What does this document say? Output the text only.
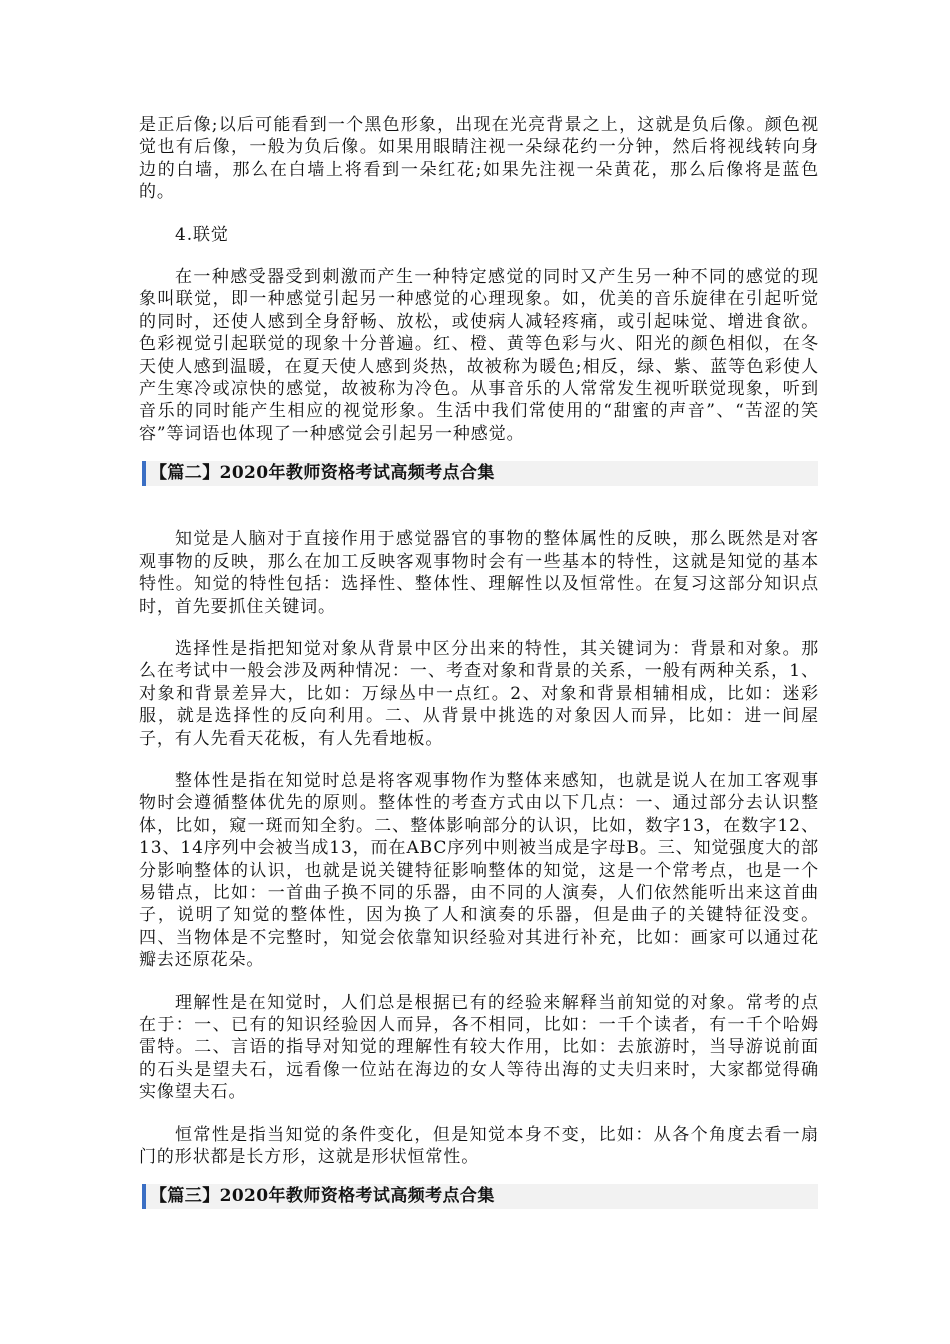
是正后像;以后可能看到一个黑色形象，出现在光亮背景之上，这就是负后像。颜色视觉也有后像，一般为负后像。如果用眼睛注视一朵绿花约一分钟，然后将视线转向身边的白墙，那么在白墙上将看到一朵红花;如果先注视一朵黄花，那么后像将是蓝色的。

4.联觉

在一种感受器受到刺激而产生一种特定感觉的同时又产生另一种不同的感觉的现象叫联觉，即一种感觉引起另一种感觉的心理现象。如，优美的音乐旋律在引起听觉的同时，还使人感到全身舒畅、放松，或使病人减轻疼痛，或引起味觉、增进食欲。色彩视觉引起联觉的现象十分普遍。红、橙、黄等色彩与火、阳光的颜色相似，在冬天使人感到温暖，在夏天使人感到炎热，故被称为暖色;相反，绿、紫、蓝等色彩使人产生寒冷或凉快的感觉，故被称为冷色。从事音乐的人常常发生视听联觉现象，听到音乐的同时能产生相应的视觉形象。生活中我们常使用的“甜蜜的声音”、“苦涩的笑容”等词语也体现了一种感觉会引起另一种感觉。

【篇二】2020年教师资格考试高频考点合集

知觉是人脑对于直接作用于感觉器官的事物的整体属性的反映，那么既然是对客观事物的反映，那么在加工反映客观事物时会有一些基本的特性，这就是知觉的基本特性。知觉的特性包括：选择性、整体性、理解性以及恒常性。在复习这部分知识点时，首先要抓住关键词。

选择性是指把知觉对象从背景中区分出来的特性，其关键词为：背景和对象。那么在考试中一般会涉及两种情况：一、考查对象和背景的关系，一般有两种关系，1、对象和背景差异大，比如：万绿丛中一点红。2、对象和背景相辅相成，比如：迷彩服，就是选择性的反向利用。二、从背景中挑选的对象因人而异，比如：进一间屋子，有人先看天花板，有人先看地板。

整体性是指在知觉时总是将客观事物作为整体来感知，也就是说人在加工客观事物时会遵循整体优先的原则。整体性的考查方式由以下几点：一、通过部分去认识整体，比如，窥一斑而知全豹。二、整体影响部分的认识，比如，数字13，在数字12、13、14序列中会被当成13，而在ABC序列中则被当成是字母B。三、知觉强度大的部分影响整体的认识，也就是说关键特征影响整体的知觉，这是一个常考点，也是一个易错点，比如：一首曲子换不同的乐器，由不同的人演奏，人们依然能听出来这首曲子，说明了知觉的整体性，因为换了人和演奏的乐器，但是曲子的关键特征没变。四、当物体是不完整时，知觉会依靠知识经验对其进行补充，比如：画家可以通过花瓣去还原花朵。

理解性是在知觉时，人们总是根据已有的经验来解释当前知觉的对象。常考的点在于：一、已有的知识经验因人而异，各不相同，比如：一千个读者，有一千个哈姆雷特。二、言语的指导对知觉的理解性有较大作用，比如：去旅游时，当导游说前面的石头是望夫石，远看像一位站在海边的女人等待出海的丈夫归来时，大家都觉得确实像望夫石。

恒常性是指当知觉的条件变化，但是知觉本身不变，比如：从各个角度去看一扇门的形状都是长方形，这就是形状恒常性。

【篇三】2020年教师资格考试高频考点合集
